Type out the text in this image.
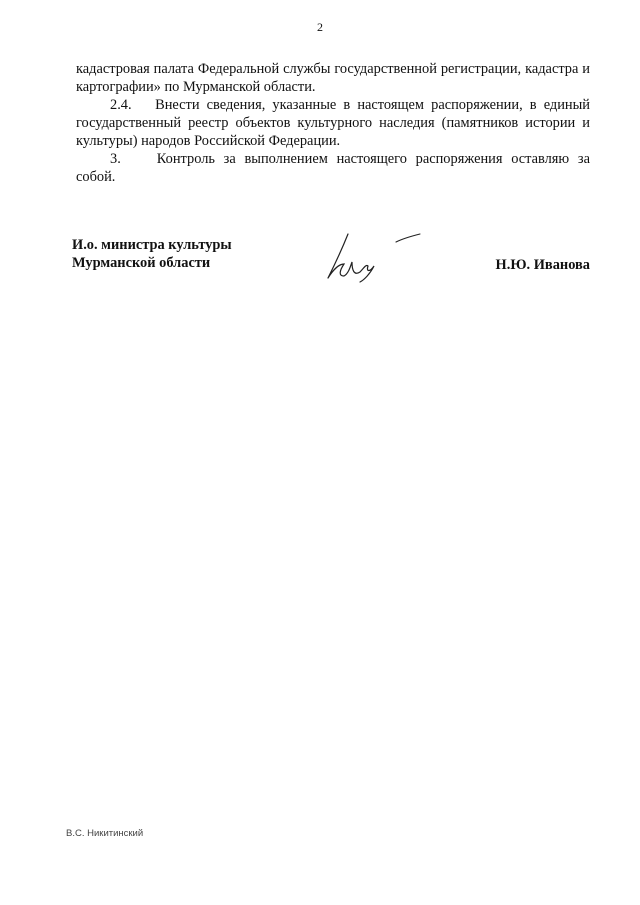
2

кадастровая палата Федеральной службы государственной регистрации, кадастра и картографии» по Мурманской области.

2.4. Внести сведения, указанные в настоящем распоряжении, в единый государственный реестр объектов культурного наследия (памятников истории и культуры) народов Российской Федерации.

3. Контроль за выполнением настоящего распоряжения оставляю за собой.

И.о. министра культуры
Мурманской области	Н.Ю. Иванова
В.С. Никитинский
